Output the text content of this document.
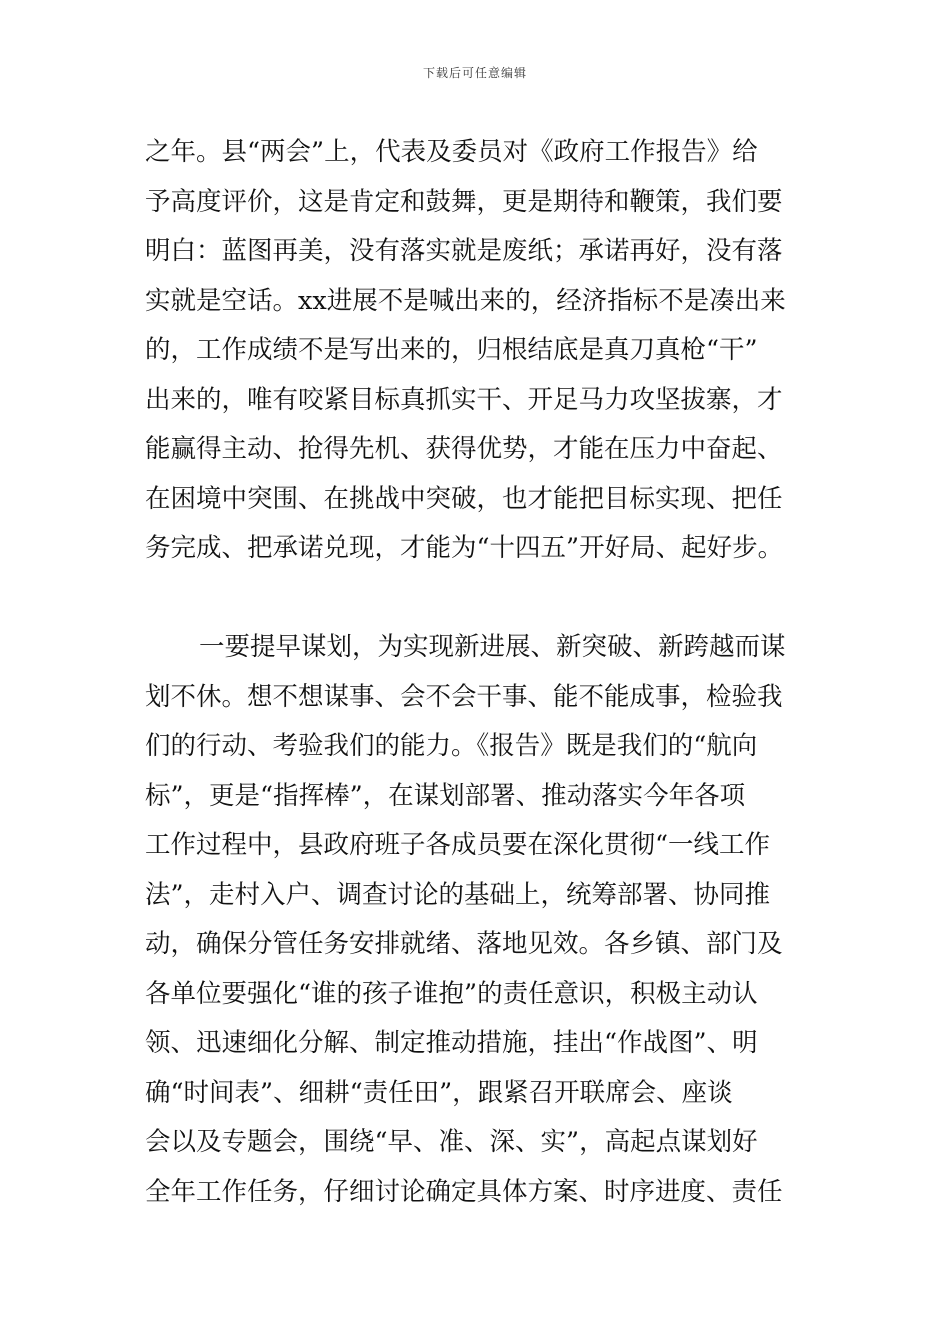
下载后可任意编辑
之年。县“两会”上，代表及委员对《政府工作报告》给
予高度评价，这是肯定和鼓舞，更是期待和鞭策，我们要
明白：蓝图再美，没有落实就是废纸；承诺再好，没有落
实就是空话。xx进展不是喊出来的，经济指标不是凑出来
的，工作成绩不是写出来的，归根结底是真刀真枪“干”
出来的，唯有咬紧目标真抓实干、开足马力攻坚拔寨，才
能赢得主动、抢得先机、获得优势，才能在压力中奋起、
在困境中突围、在挑战中突破，也才能把目标实现、把任
务完成、把承诺兑现，才能为“十四五”开好局、起好步。
一要提早谋划，为实现新进展、新突破、新跨越而谋
划不休。想不想谋事、会不会干事、能不能成事，检验我
们的行动、考验我们的能力。《报告》既是我们的“航向
标”，更是“指挥棒”，在谋划部署、推动落实今年各项
工作过程中，县政府班子各成员要在深化贯彻“一线工作
法”，走村入户、调查讨论的基础上，统筹部署、协同推
动，确保分管任务安排就绪、落地见效。各乡镇、部门及
各单位要强化“谁的孩子谁抱”的责任意识，积极主动认
领、迅速细化分解、制定推动措施，挂出“作战图”、明
确“时间表”、细耕“责任田”，跟紧召开联席会、座谈
会以及专题会，围绕“早、准、深、实”，高起点谋划好
全年工作任务，仔细讨论确定具体方案、时序进度、责任
